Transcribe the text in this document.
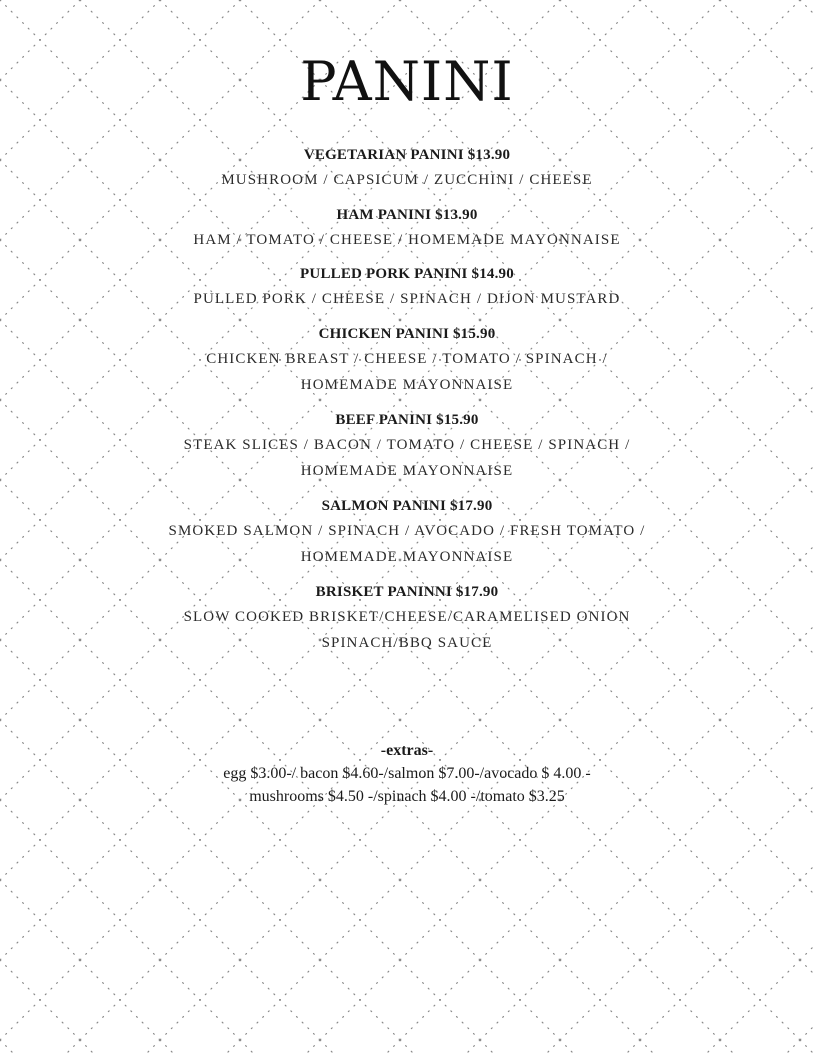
PANINI
VEGETARIAN PANINI $13.90
MUSHROOM / CAPSICUM / ZUCCHINI / CHEESE
HAM PANINI $13.90
HAM / TOMATO / CHEESE / HOMEMADE MAYONNAISE
PULLED PORK PANINI $14.90
PULLED PORK / CHEESE / SPINACH / DIJON MUSTARD
CHICKEN PANINI $15.90
CHICKEN BREAST / CHEESE / TOMATO / SPINACH /
HOMEMADE MAYONNAISE
BEEF PANINI $15.90
STEAK SLICES / BACON / TOMATO / CHEESE / SPINACH /
HOMEMADE MAYONNAISE
SALMON PANINI $17.90
SMOKED SALMON / SPINACH / AVOCADO / FRESH TOMATO /
HOMEMADE MAYONNAISE
BRISKET PANINNI $17.90
SLOW COOKED BRISKET/CHEESE/CARAMELISED ONION
SPINACH/BBQ SAUCE
-extras-
egg $3.00-/ bacon $4.60-/salmon $7.00-/avocado $ 4.00 -
mushrooms $4.50 -/spinach $4.00 -/tomato $3.25
